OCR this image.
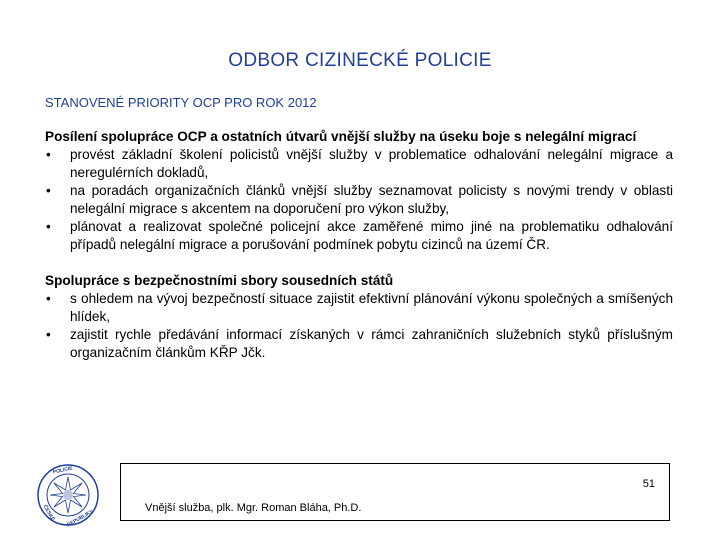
ODBOR CIZINECKÉ POLICIE
STANOVENÉ PRIORITY OCP PRO ROK 2012
Posílení spolupráce OCP a ostatních útvarů vnější služby na úseku boje s nelegální migrací
• provést základní školení policistů vnější služby v problematice odhalování nelegální migrace a neregulérních dokladů,
• na poradách organizačních článků vnější služby seznamovat policisty s novými trendy v oblasti nelegální migrace s akcentem na doporučení pro výkon služby,
• plánovat a realizovat společné policejní akce zaměřené mimo jiné na problematiku odhalování případů nelegální migrace a porušování podmínek pobytu cizinců na území ČR.
Spolupráce s bezpečnostními sbory sousedních států
• s ohledem na vývoj bezpečností situace zajistit efektivní plánování výkonu společných a smíšených hlídek,
• zajistit rychle předávání informací získaných v rámci zahraničních služebních styků příslušným organizačním článkům KŘP Jčk.
POLICIE
ČESKÉ	REPUBLIKY
51
Vnější služba, plk. Mgr. Roman Bláha, Ph.D.
